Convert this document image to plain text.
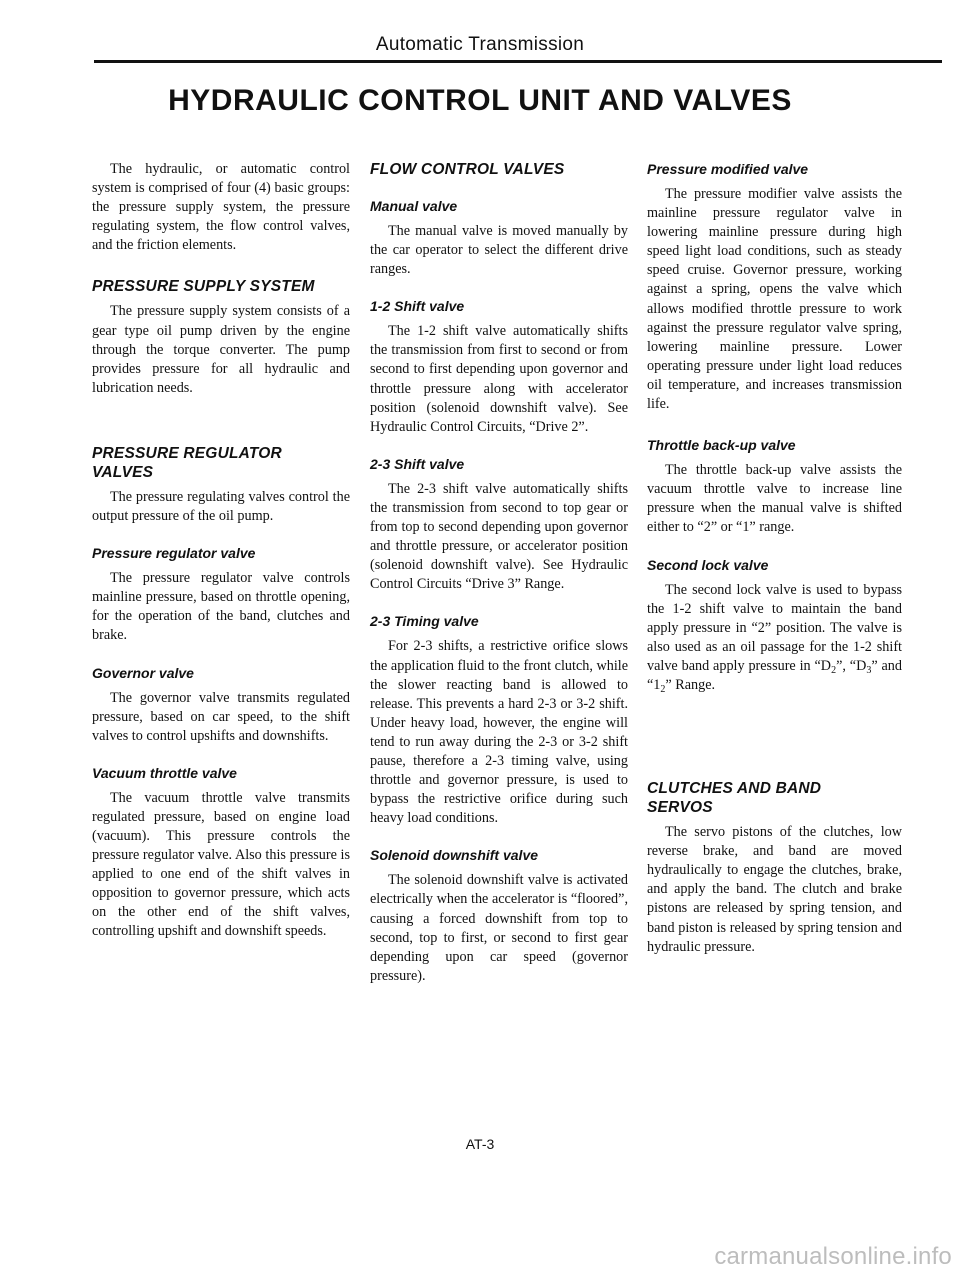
Automatic Transmission
HYDRAULIC CONTROL UNIT AND VALVES

The hydraulic, or automatic control system is comprised of four (4) basic groups: the pressure supply system, the pressure regulating system, the flow control valves, and the friction elements.

PRESSURE SUPPLY SYSTEM

The pressure supply system consists of a gear type oil pump driven by the engine through the torque converter. The pump provides pressure for all hydraulic and lubrication needs.

PRESSURE REGULATOR
VALVES

The pressure regulating valves control the output pressure of the oil pump.

Pressure regulator valve

The pressure regulator valve controls mainline pressure, based on throttle opening, for the operation of the band, clutches and brake.

Governor valve

The governor valve transmits regulated pressure, based on car speed, to the shift valves to control upshifts and downshifts.

Vacuum throttle valve

The vacuum throttle valve transmits regulated pressure, based on engine load (vacuum). This pressure controls the pressure regulator valve. Also this pressure is applied to one end of the shift valves in opposition to governor pressure, which acts on the other end of the shift valves, controlling upshift and downshift speeds.

FLOW CONTROL VALVES
Manual valve

The manual valve is moved manually by the car operator to select the different drive ranges.

1-2 Shift valve

The 1-2 shift valve automatically shifts the transmission from first to second or from second to first depending upon governor and throttle pressure along with accelerator position (solenoid downshift valve). See Hydraulic Control Circuits, “Drive 2”.

2-3 Shift valve

The 2-3 shift valve automatically shifts the transmission from second to top gear or from top to second depending upon governor and throttle pressure, or accelerator position (solenoid downshift valve). See Hydraulic Control Circuits “Drive 3” Range.

2-3 Timing valve

For 2-3 shifts, a restrictive orifice slows the application fluid to the front clutch, while the slower reacting band is allowed to release. This prevents a hard 2-3 or 3-2 shift. Under heavy load, however, the engine will tend to run away during the 2-3 or 3-2 shift pause, therefore a 2-3 timing valve, using throttle and governor pressure, is used to bypass the restrictive orifice during such heavy load conditions.

Solenoid downshift valve

The solenoid downshift valve is activated electrically when the accelerator is “floored”, causing a forced downshift from top to second, top to first, or second to first gear depending upon car speed (governor pressure).

Pressure modified valve

The pressure modifier valve assists the mainline pressure regulator valve in lowering mainline pressure during high speed light load conditions, such as steady speed cruise. Governor pressure, working against a spring, opens the valve which allows modified throttle pressure to work against the pressure regulator valve spring, lowering mainline pressure. Lower operating pressure under light load reduces oil temperature, and increases transmission life.

Throttle back-up valve

The throttle back-up valve assists the vacuum throttle valve to increase line pressure when the manual valve is shifted either to “2” or “1” range.

Second lock valve

The second lock valve is used to bypass the 1-2 shift valve to maintain the band apply pressure in “2” position. The valve is also used as an oil passage for the 1-2 shift valve band apply pressure in “$D_2$”, “$D_3$” and “$1_2$” Range.

CLUTCHES AND BAND
SERVOS

The servo pistons of the clutches, low reverse brake, and band are moved hydraulically to engage the clutches, brake, and apply the band. The clutch and brake pistons are released by spring tension, and band piston is released by spring tension and hydraulic pressure.

AT-3
carmanualsonline.info
